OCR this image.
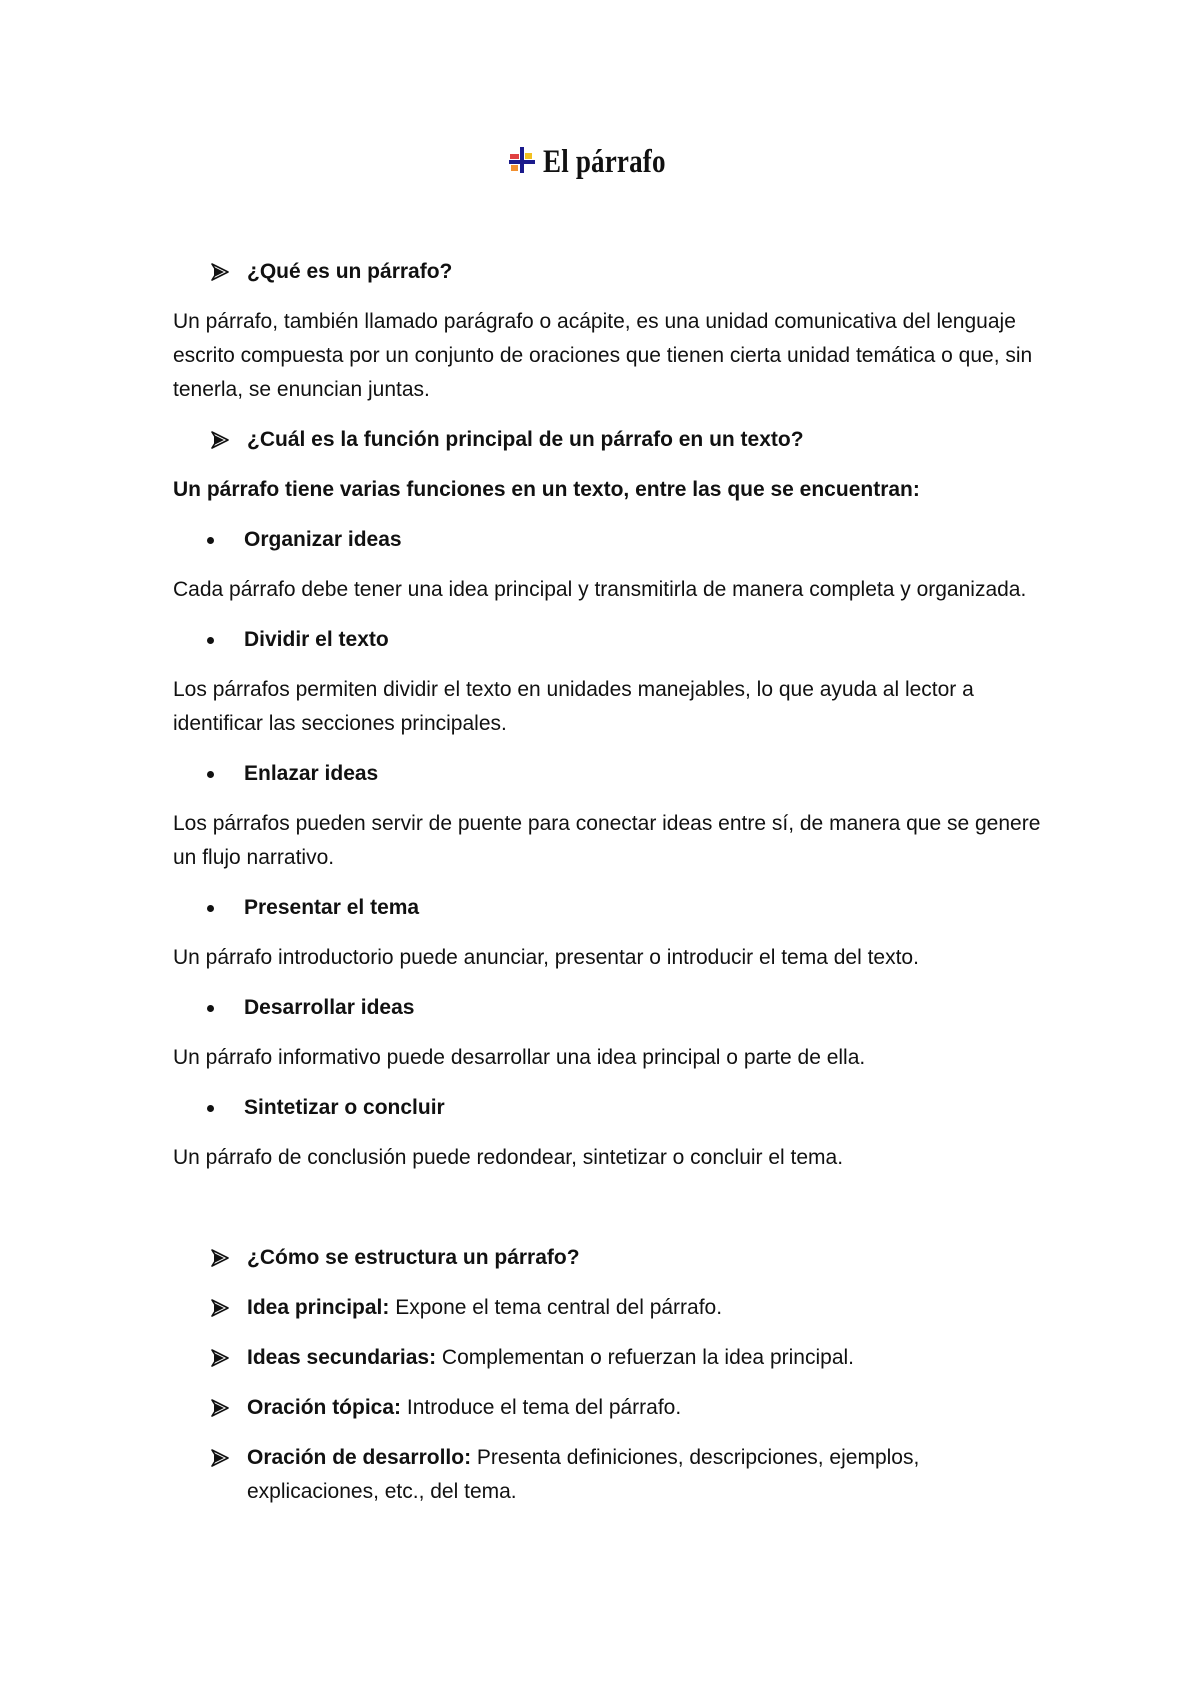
El párrafo
¿Qué es un párrafo?

Un párrafo, también llamado parágrafo o acápite, es una unidad comunicativa del lenguaje escrito compuesta por un conjunto de oraciones que tienen cierta unidad temática o que, sin tenerla, se enuncian juntas.

¿Cuál es la función principal de un párrafo en un texto?

Un párrafo tiene varias funciones en un texto, entre las que se encuentran:

Organizar ideas

Cada párrafo debe tener una idea principal y transmitirla de manera completa y organizada.

Dividir el texto

Los párrafos permiten dividir el texto en unidades manejables, lo que ayuda al lector a identificar las secciones principales.

Enlazar ideas

Los párrafos pueden servir de puente para conectar ideas entre sí, de manera que se genere un flujo narrativo.

Presentar el tema

Un párrafo introductorio puede anunciar, presentar o introducir el tema del texto.

Desarrollar ideas

Un párrafo informativo puede desarrollar una idea principal o parte de ella.

Sintetizar o concluir

Un párrafo de conclusión puede redondear, sintetizar o concluir el tema.

¿Cómo se estructura un párrafo?
Idea principal: Expone el tema central del párrafo.
Ideas secundarias: Complementan o refuerzan la idea principal.
Oración tópica: Introduce el tema del párrafo.
Oración de desarrollo: Presenta definiciones, descripciones, ejemplos, explicaciones, etc., del tema.
